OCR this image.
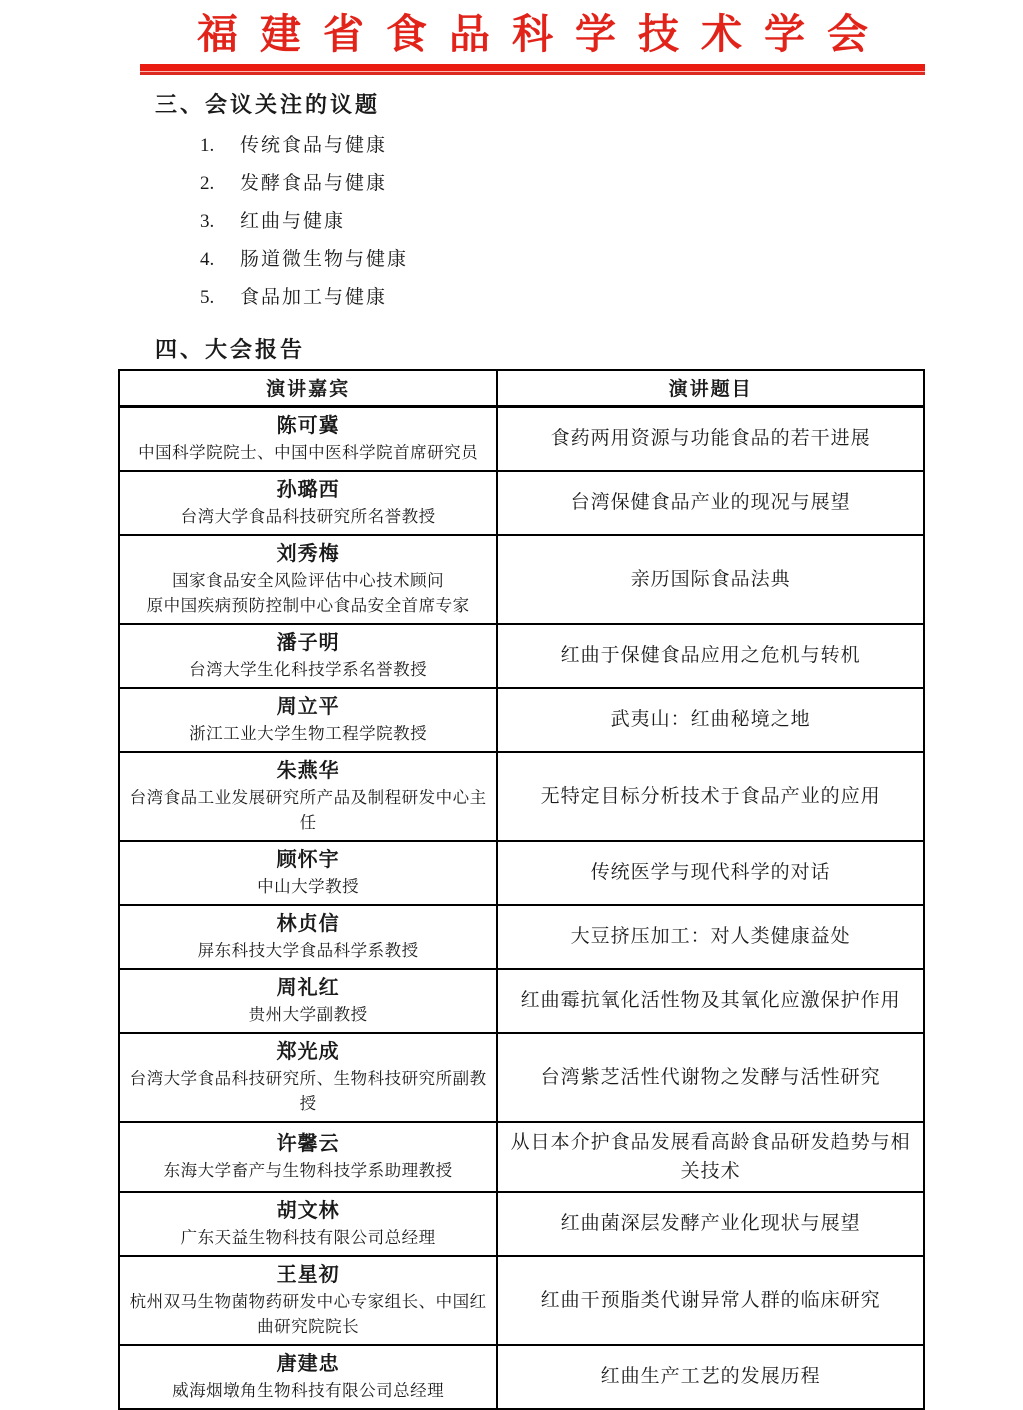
福建省食品科学技术学会
三、会议关注的议题
1.	传统食品与健康
2.	发酵食品与健康
3.	红曲与健康
4.	肠道微生物与健康
5.	食品加工与健康
四、大会报告
演讲嘉宾	演讲题目

陈可冀
中国科学院院士、中国中医科学院首席研究员	食药两用资源与功能食品的若干进展

孙璐西
台湾大学食品科技研究所名誉教授	台湾保健食品产业的现况与展望

刘秀梅
国家食品安全风险评估中心技术顾问
原中国疾病预防控制中心食品安全首席专家	亲历国际食品法典

潘子明
台湾大学生化科技学系名誉教授	红曲于保健食品应用之危机与转机

周立平
浙江工业大学生物工程学院教授	武夷山：红曲秘境之地

朱燕华
台湾食品工业发展研究所产品及制程研发中心主任	无特定目标分析技术于食品产业的应用

顾怀宇
中山大学教授	传统医学与现代科学的对话

林贞信
屏东科技大学食品科学系教授	大豆挤压加工：对人类健康益处

周礼红
贵州大学副教授	红曲霉抗氧化活性物及其氧化应激保护作用

郑光成
台湾大学食品科技研究所、生物科技研究所副教授	台湾紫芝活性代谢物之发酵与活性研究

许馨云
东海大学畜产与生物科技学系助理教授	从日本介护食品发展看高龄食品研发趋势与相关技术

胡文林
广东天益生物科技有限公司总经理	红曲菌深层发酵产业化现状与展望

王星初
杭州双马生物菌物药研发中心专家组长、中国红曲研究院院长	红曲干预脂类代谢异常人群的临床研究

唐建忠
威海烟墩角生物科技有限公司总经理	红曲生产工艺的发展历程
